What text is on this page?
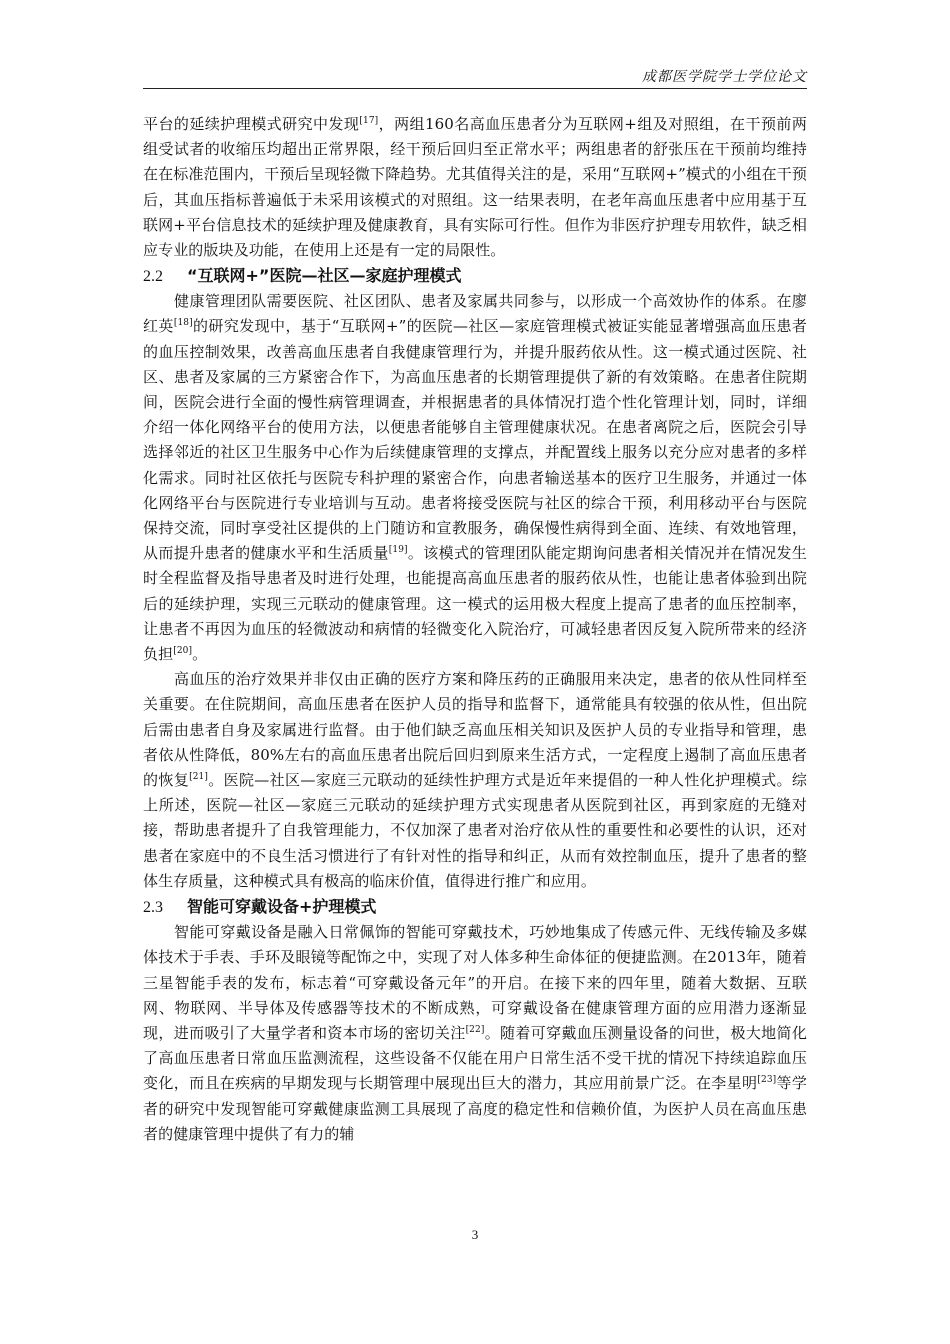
成都医学院学士学位论文

平台的延续护理模式研究中发现[17]，两组160名高血压患者分为互联网+组及对照组，在干预前两组受试者的收缩压均超出正常界限，经干预后回归至正常水平；两组患者的舒张压在干预前均维持在在标准范围内，干预后呈现轻微下降趋势。尤其值得关注的是，采用“互联网+”模式的小组在干预后，其血压指标普遍低于未采用该模式的对照组。这一结果表明，在老年高血压患者中应用基于互联网+平台信息技术的延续护理及健康教育，具有实际可行性。但作为非医疗护理专用软件，缺乏相应专业的版块及功能，在使用上还是有一定的局限性。

2.2 “互联网+”医院—社区—家庭护理模式

健康管理团队需要医院、社区团队、患者及家属共同参与，以形成一个高效协作的体系。在廖红英[18]的研究发现中，基于“互联网+”的医院—社区—家庭管理模式被证实能显著增强高血压患者的血压控制效果，改善高血压患者自我健康管理行为，并提升服药依从性。这一模式通过医院、社区、患者及家属的三方紧密合作下，为高血压患者的长期管理提供了新的有效策略。在患者住院期间，医院会进行全面的慢性病管理调查，并根据患者的具体情况打造个性化管理计划，同时，详细介绍一体化网络平台的使用方法，以便患者能够自主管理健康状况。在患者离院之后，医院会引导选择邻近的社区卫生服务中心作为后续健康管理的支撑点，并配置线上服务以充分应对患者的多样化需求。同时社区依托与医院专科护理的紧密合作，向患者输送基本的医疗卫生服务，并通过一体化网络平台与医院进行专业培训与互动。患者将接受医院与社区的综合干预，利用移动平台与医院保持交流，同时享受社区提供的上门随访和宣教服务，确保慢性病得到全面、连续、有效地管理，从而提升患者的健康水平和生活质量[19]。该模式的管理团队能定期询问患者相关情况并在情况发生时全程监督及指导患者及时进行处理，也能提高高血压患者的服药依从性，也能让患者体验到出院后的延续护理，实现三元联动的健康管理。这一模式的运用极大程度上提高了患者的血压控制率，让患者不再因为血压的轻微波动和病情的轻微变化入院治疗，可减轻患者因反复入院所带来的经济负担[20]。

高血压的治疗效果并非仅由正确的医疗方案和降压药的正确服用来决定，患者的依从性同样至关重要。在住院期间，高血压患者在医护人员的指导和监督下，通常能具有较强的依从性，但出院后需由患者自身及家属进行监督。由于他们缺乏高血压相关知识及医护人员的专业指导和管理，患者依从性降低，80%左右的高血压患者出院后回归到原来生活方式，一定程度上遏制了高血压患者的恢复[21]。医院—社区—家庭三元联动的延续性护理方式是近年来提倡的一种人性化护理模式。综上所述，医院—社区—家庭三元联动的延续护理方式实现患者从医院到社区，再到家庭的无缝对接，帮助患者提升了自我管理能力，不仅加深了患者对治疗依从性的重要性和必要性的认识，还对患者在家庭中的不良生活习惯进行了有针对性的指导和纠正，从而有效控制血压，提升了患者的整体生存质量，这种模式具有极高的临床价值，值得进行推广和应用。

2.3 智能可穿戴设备+护理模式

智能可穿戴设备是融入日常佩饰的智能可穿戴技术，巧妙地集成了传感元件、无线传输及多媒体技术于手表、手环及眼镜等配饰之中，实现了对人体多种生命体征的便捷监测。在2013年，随着三星智能手表的发布，标志着“可穿戴设备元年”的开启。在接下来的四年里，随着大数据、互联网、物联网、半导体及传感器等技术的不断成熟，可穿戴设备在健康管理方面的应用潜力逐渐显现，进而吸引了大量学者和资本市场的密切关注[22]。随着可穿戴血压测量设备的问世，极大地简化了高血压患者日常血压监测流程，这些设备不仅能在用户日常生活不受干扰的情况下持续追踪血压变化，而且在疾病的早期发现与长期管理中展现出巨大的潜力，其应用前景广泛。在李星明[23]等学者的研究中发现智能可穿戴健康监测工具展现了高度的稳定性和信赖价值，为医护人员在高血压患者的健康管理中提供了有力的辅

3
